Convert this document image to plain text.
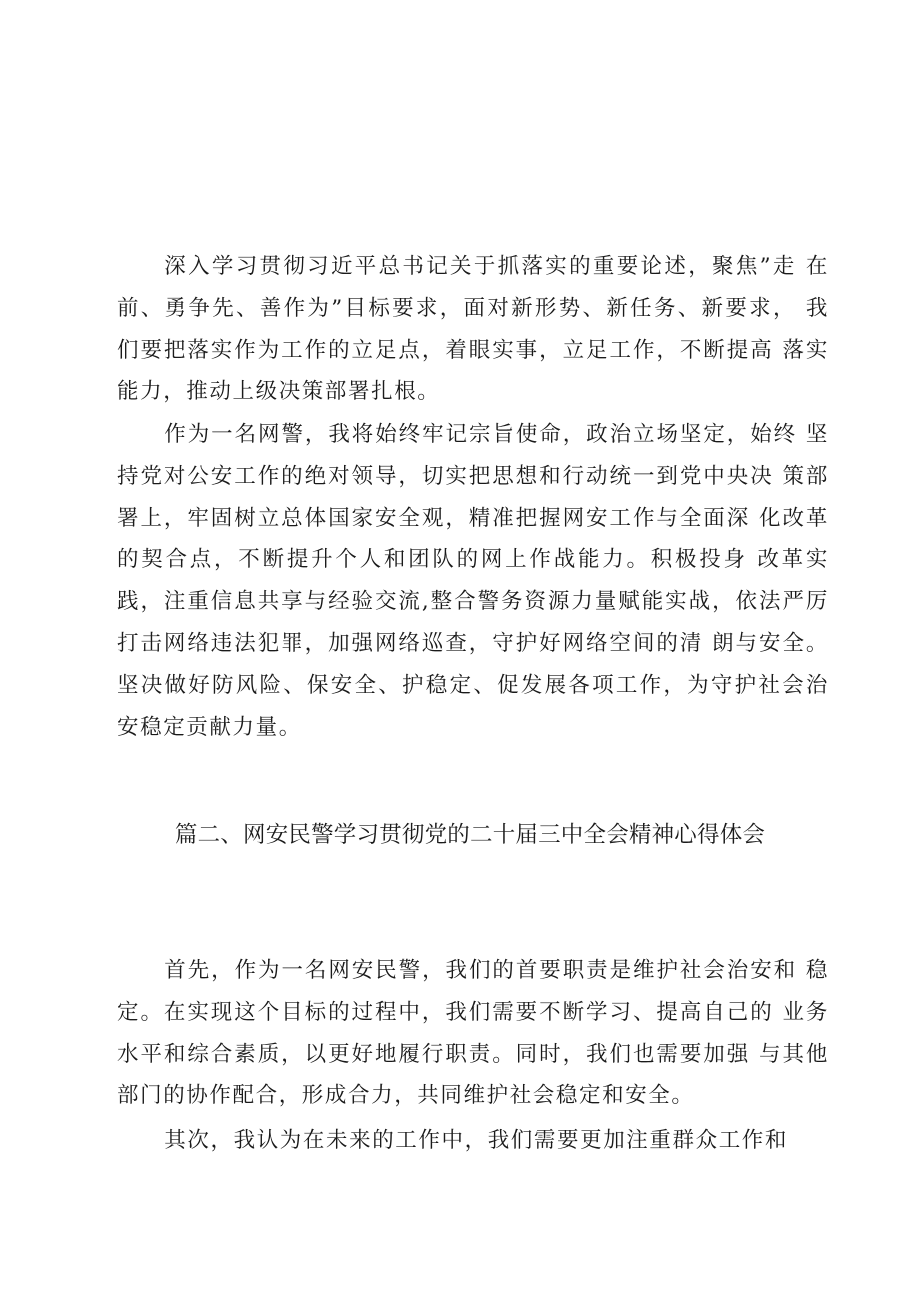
深入学习贯彻习近平总书记关于抓落实的重要论述，聚焦”走 在前、勇争先、善作为”目标要求，面对新形势、新任务、新要求， 我们要把落实作为工作的立足点，着眼实事，立足工作，不断提高 落实能力，推动上级决策部署扎根。

作为一名网警，我将始终牢记宗旨使命，政治立场坚定，始终 坚持党对公安工作的绝对领导，切实把思想和行动统一到党中央决 策部署上，牢固树立总体国家安全观，精准把握网安工作与全面深 化改革的契合点，不断提升个人和团队的网上作战能力。积极投身 改革实践，注重信息共享与经验交流,整合警务资源力量赋能实战，依法严厉打击网络违法犯罪，加强网络巡查，守护好网络空间的清 朗与安全。坚决做好防风险、保安全、护稳定、促发展各项工作，为守护社会治安稳定贡献力量。

篇二、网安民警学习贯彻党的二十届三中全会精神心得体会

首先，作为一名网安民警，我们的首要职责是维护社会治安和 稳定。在实现这个目标的过程中，我们需要不断学习、提高自己的 业务水平和综合素质，以更好地履行职责。同时，我们也需要加强 与其他部门的协作配合，形成合力，共同维护社会稳定和安全。

其次，我认为在未来的工作中，我们需要更加注重群众工作和
